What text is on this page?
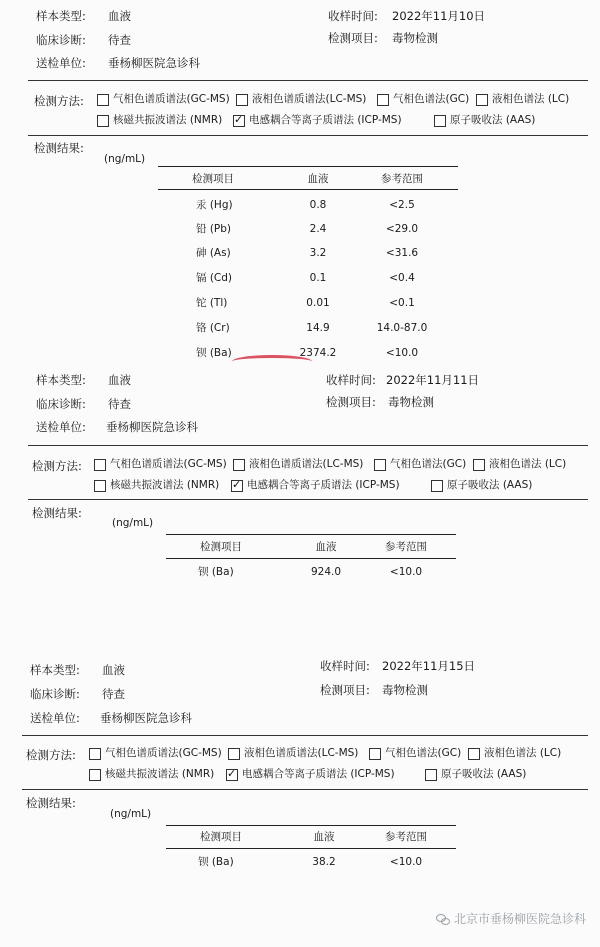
样本类型: 血液	收样时间: 2022年11月10日
临床诊断: 待查	检测项目: 毒物检测
送检单位: 垂杨柳医院急诊科
检测方法:	气相色谱质谱法(GC-MS) 液相色谱质谱法(LC-MS)	气相色谱法(GC) 液相色谱法 (LC)
核磁共振波谱法 (NMR) ✓	电感耦合等离子质谱法 (ICP-MS)	原子吸收法 (AAS)
检测结果:
(ng/mL)
检测项目	血液	参考范围
汞 (Hg)	0.8	<2.5
铅 (Pb)	2.4	<29.0
砷 (As)	3.2	<31.6
镉 (Cd)	0.1	<0.4
铊 (Tl)	0.01	<0.1
铬 (Cr)	14.9	14.0-87.0
钡 (Ba)	2374.2	<10.0
样本类型: 血液	收样时间: 2022年11月11日
临床诊断: 待查	检测项目: 毒物检测
送检单位: 垂杨柳医院急诊科
检测方法:	气相色谱质谱法(GC-MS) 液相色谱质谱法(LC-MS)	气相色谱法(GC) 液相色谱法 (LC)
核磁共振波谱法 (NMR) ✓	电感耦合等离子质谱法 (ICP-MS)	原子吸收法 (AAS)
检测结果:
(ng/mL)
检测项目	血液	参考范围
钡 (Ba)	924.0	<10.0
样本类型: 血液	收样时间: 2022年11月15日
临床诊断: 待查	检测项目: 毒物检测
送检单位: 垂杨柳医院急诊科
检测方法:	气相色谱质谱法(GC-MS) 液相色谱质谱法(LC-MS)	气相色谱法(GC) 液相色谱法 (LC)
核磁共振波谱法 (NMR) ✓	电感耦合等离子质谱法 (ICP-MS)	原子吸收法 (AAS)
检测结果:
(ng/mL)
检测项目	血液	参考范围
钡 (Ba)	38.2	<10.0
北京市垂杨柳医院急诊科
